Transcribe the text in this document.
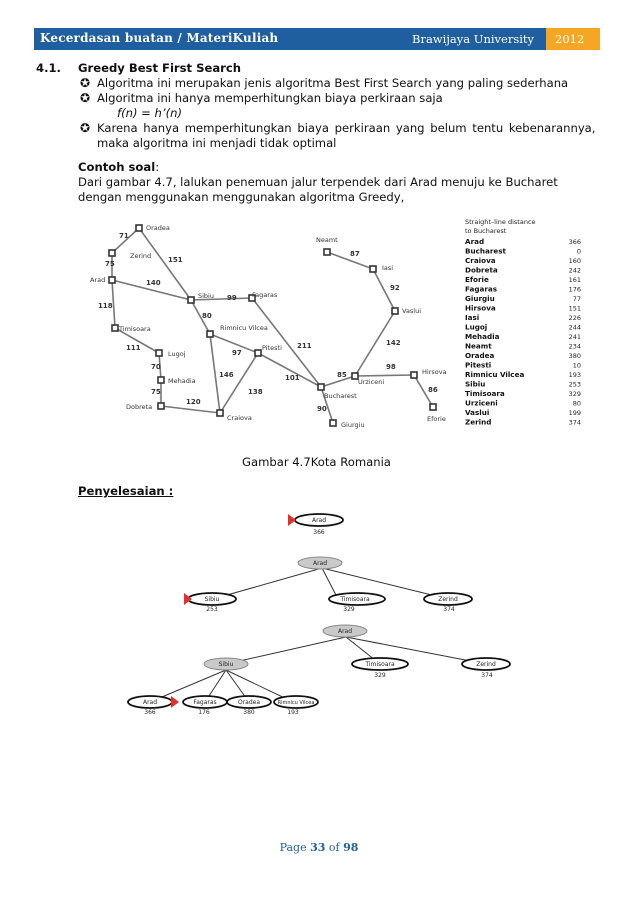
Kecerdasan buatan / MateriKuliah	Brawijaya University 2012
4.1. Greedy Best First Search
✪ Algoritma ini merupakan jenis algoritma Best First Search yang paling sederhana
✪ Algoritma ini hanya memperhitungkan biaya perkiraan saja
f(n) = h’(n)
✪ Karena hanya memperhitungkan biaya perkiraan yang belum tentu kebenarannya,
maka algoritma ini menjadi tidak optimal
Contoh soal:
Dari gambar 4.7, lalukan penemuan jalur terpendek dari Arad menuju ke Bucharet
dengan menggunakan menggunakan algoritma Greedy,
Oradea
Zerind
Arad
Timisoara
Lugoj
Mehadia
Dobreta
Craiova
Rimnicu Vilcea
Sibiu	Fagaras
Pitesti
Bucharest
Giurgiu
Urziceni
Hirsova
Eforie
Vaslui
Iasi
Neamt
71
75	151
140
118
111
70
75
120
99
80
97
146
138
211
101	85
90
98
86
142
92
87
Straight–line distance
to Bucharest
Arad	366
Bucharest	0
Craiova	160
Dobreta	242
Eforie	161
Fagaras	176
Giurgiu	77
Hirsova	151
Iasi	226
Lugoj	244
Mehadia	241
Neamt	234
Oradea	380
Pitesti	10
Rimnicu Vilcea	193
Sibiu	253
Timisoara	329
Urziceni	80
Vaslui	199
Zerind	374
Arad
366
Arad
Sibiu
253
Timisoara
329
Zerind
374
Arad
Sibiu	Timisoara
329
Zerind
374
Arad
366
Fagaras
176
Oradea
380
Rimnicu Vilcea
193
Gambar 4.7Kota Romania
Penyelesaian :
Page 33 of 98
